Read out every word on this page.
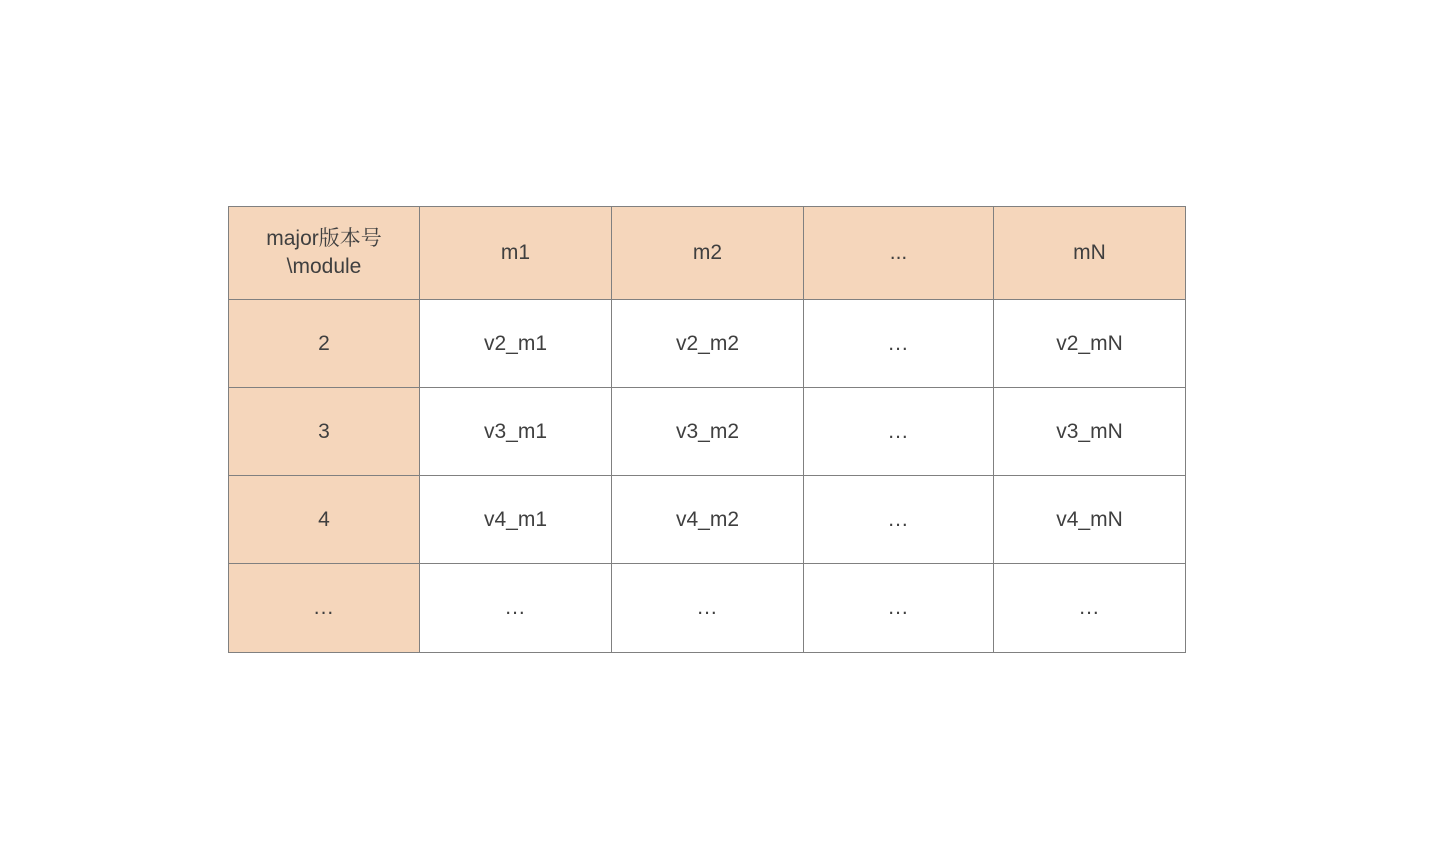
major版本号
\module	m1	m2	...	mN
2	v2_m1	v2_m2	...	v2_mN
3	v3_m1	v3_m2	...	v3_mN
4	v4_m1	v4_m2	...	v4_mN
...	...	...	...	...
